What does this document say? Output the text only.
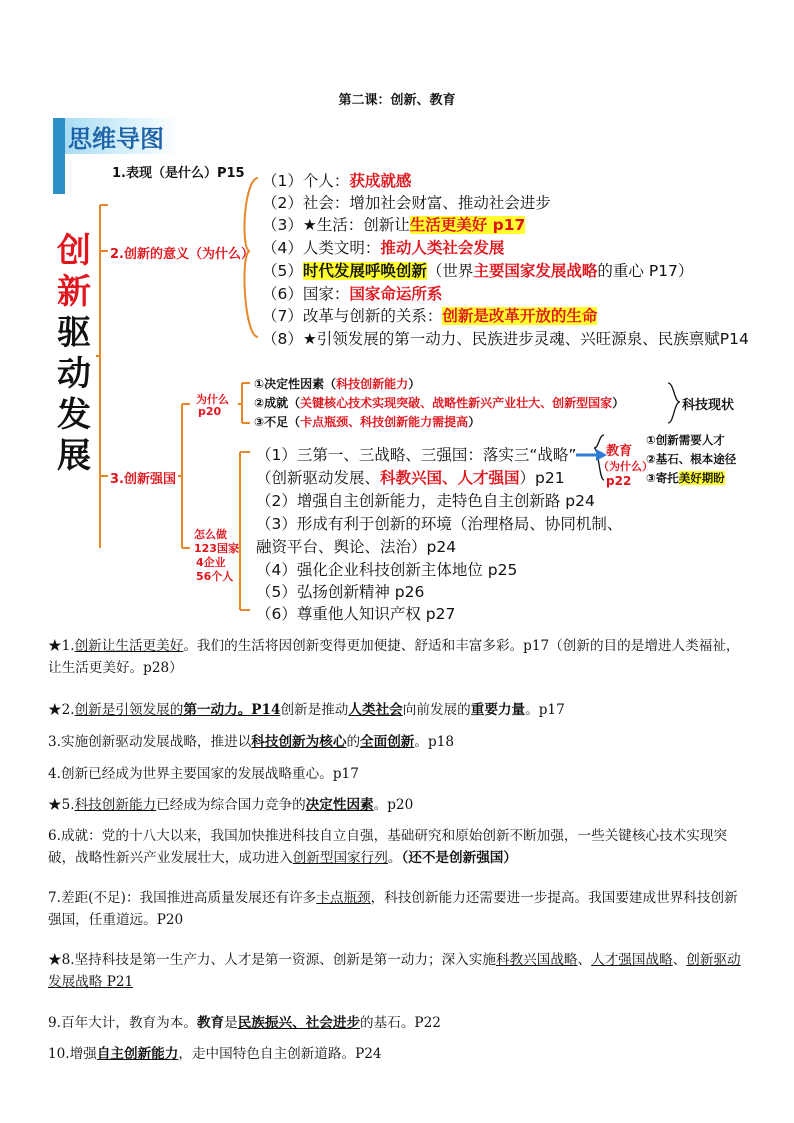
第二课：创新、教育
思维导图
创
新
驱
动
发
展
1.表现（是什么）P15
2.创新的意义（为什么）
3.创新强国
（1）个人：获成就感
（2）社会：增加社会财富、推动社会进步
（3）★生活：创新让生活更美好 p17
（4）人类文明：推动人类社会发展
（5）时代发展呼唤创新（世界主要国家发展战略的重心 P17）
（6）国家：国家命运所系
（7）改革与创新的关系：创新是改革开放的生命
（8）★引领发展的第一动力、民族进步灵魂、兴旺源泉、民族禀赋P14
为什么
p20
①决定性因素（科技创新能力）
②成就（关键核心技术实现突破、战略性新兴产业壮大、创新型国家）
③不足（卡点瓶颈、科技创新能力需提高）
科技现状
怎么做
123国家
4企业
56个人
（1）三第一、三战略、三强国：落实三“战略”
（创新驱动发展、科教兴国、人才强国）p21
（2）增强自主创新能力，走特色自主创新路 p24
（3）形成有利于创新的环境（治理格局、协同机制、
融资平台、舆论、法治）p24
（4）强化企业科技创新主体地位 p25
（5）弘扬创新精神 p26
（6）尊重他人知识产权 p27
教育
（为什么）
p22
①创新需要人才
②基石、根本途径
③寄托美好期盼
★1.创新让生活更美好。我们的生活将因创新变得更加便捷、舒适和丰富多彩。p17（创新的目的是增进人类福祉，让生活更美好。p28）
★2.创新是引领发展的第一动力。P14创新是推动人类社会向前发展的重要力量。p17
3.实施创新驱动发展战略，推进以科技创新为核心的全面创新。p18
4.创新已经成为世界主要国家的发展战略重心。p17
★5.科技创新能力已经成为综合国力竞争的决定性因素。p20
6.成就：党的十八大以来，我国加快推进科技自立自强，基础研究和原始创新不断加强，一些关键核心技术实现突破，战略性新兴产业发展壮大，成功进入创新型国家行列。（还不是创新强国）
7.差距(不足)：我国推进高质量发展还有许多卡点瓶颈，科技创新能力还需要进一步提高。我国要建成世界科技创新强国，任重道远。P20
★8.坚持科技是第一生产力、人才是第一资源、创新是第一动力；深入实施科教兴国战略、人才强国战略、创新驱动发展战略 P21
9.百年大计，教育为本。教育是民族振兴、社会进步的基石。P22
10.增强自主创新能力，走中国特色自主创新道路。P24
